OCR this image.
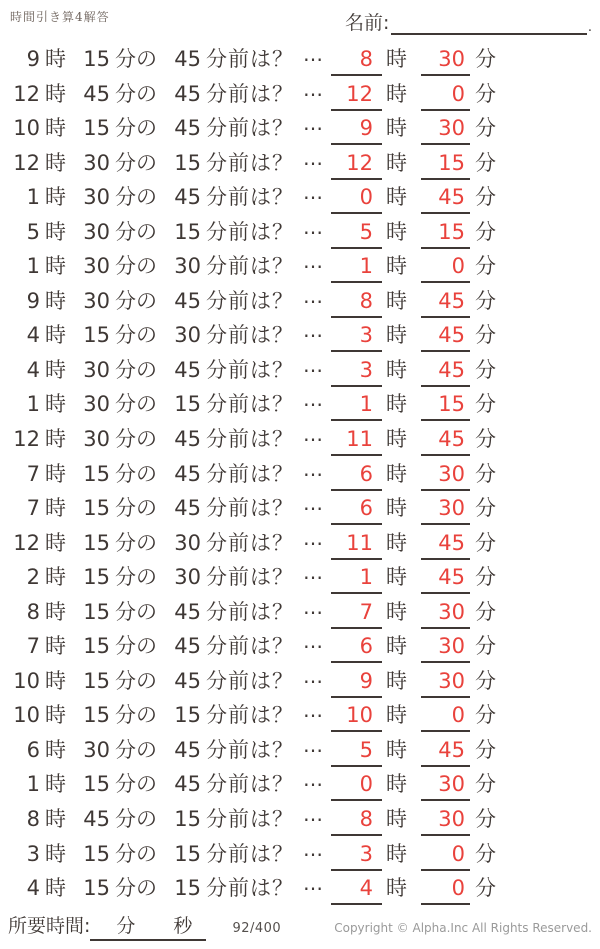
時間引き算4解答	名前:	.
9 時 15 分の 45 分前は？ … 8 時 30 分
12 時 45 分の 45 分前は？ … 12 時 0 分
10 時 15 分の 45 分前は？ … 9 時 30 分
12 時 30 分の 15 分前は？ … 12 時 15 分
1 時 30 分の 45 分前は？ … 0 時 45 分
5 時 30 分の 15 分前は？ … 5 時 15 分
1 時 30 分の 30 分前は？ … 1 時 0 分
9 時 30 分の 45 分前は？ … 8 時 45 分
4 時 15 分の 30 分前は？ … 3 時 45 分
4 時 30 分の 45 分前は？ … 3 時 45 分
1 時 30 分の 15 分前は？ … 1 時 15 分
12 時 30 分の 45 分前は？ … 11 時 45 分
7 時 15 分の 45 分前は？ … 6 時 30 分
7 時 15 分の 45 分前は？ … 6 時 30 分
12 時 15 分の 30 分前は？ … 11 時 45 分
2 時 15 分の 30 分前は？ … 1 時 45 分
8 時 15 分の 45 分前は？ … 7 時 30 分
7 時 15 分の 45 分前は？ … 6 時 30 分
10 時 15 分の 45 分前は？ … 9 時 30 分
10 時 15 分の 15 分前は？ … 10 時 0 分
6 時 30 分の 45 分前は？ … 5 時 45 分
1 時 15 分の 45 分前は？ … 0 時 30 分
8 時 45 分の 15 分前は？ … 8 時 30 分
3 時 15 分の 15 分前は？ … 3 時 0 分
4 時 15 分の 15 分前は？ … 4 時 0 分
所要時間: 分 秒	92/400	Copyright © Alpha.Inc All Rights Reserved.
